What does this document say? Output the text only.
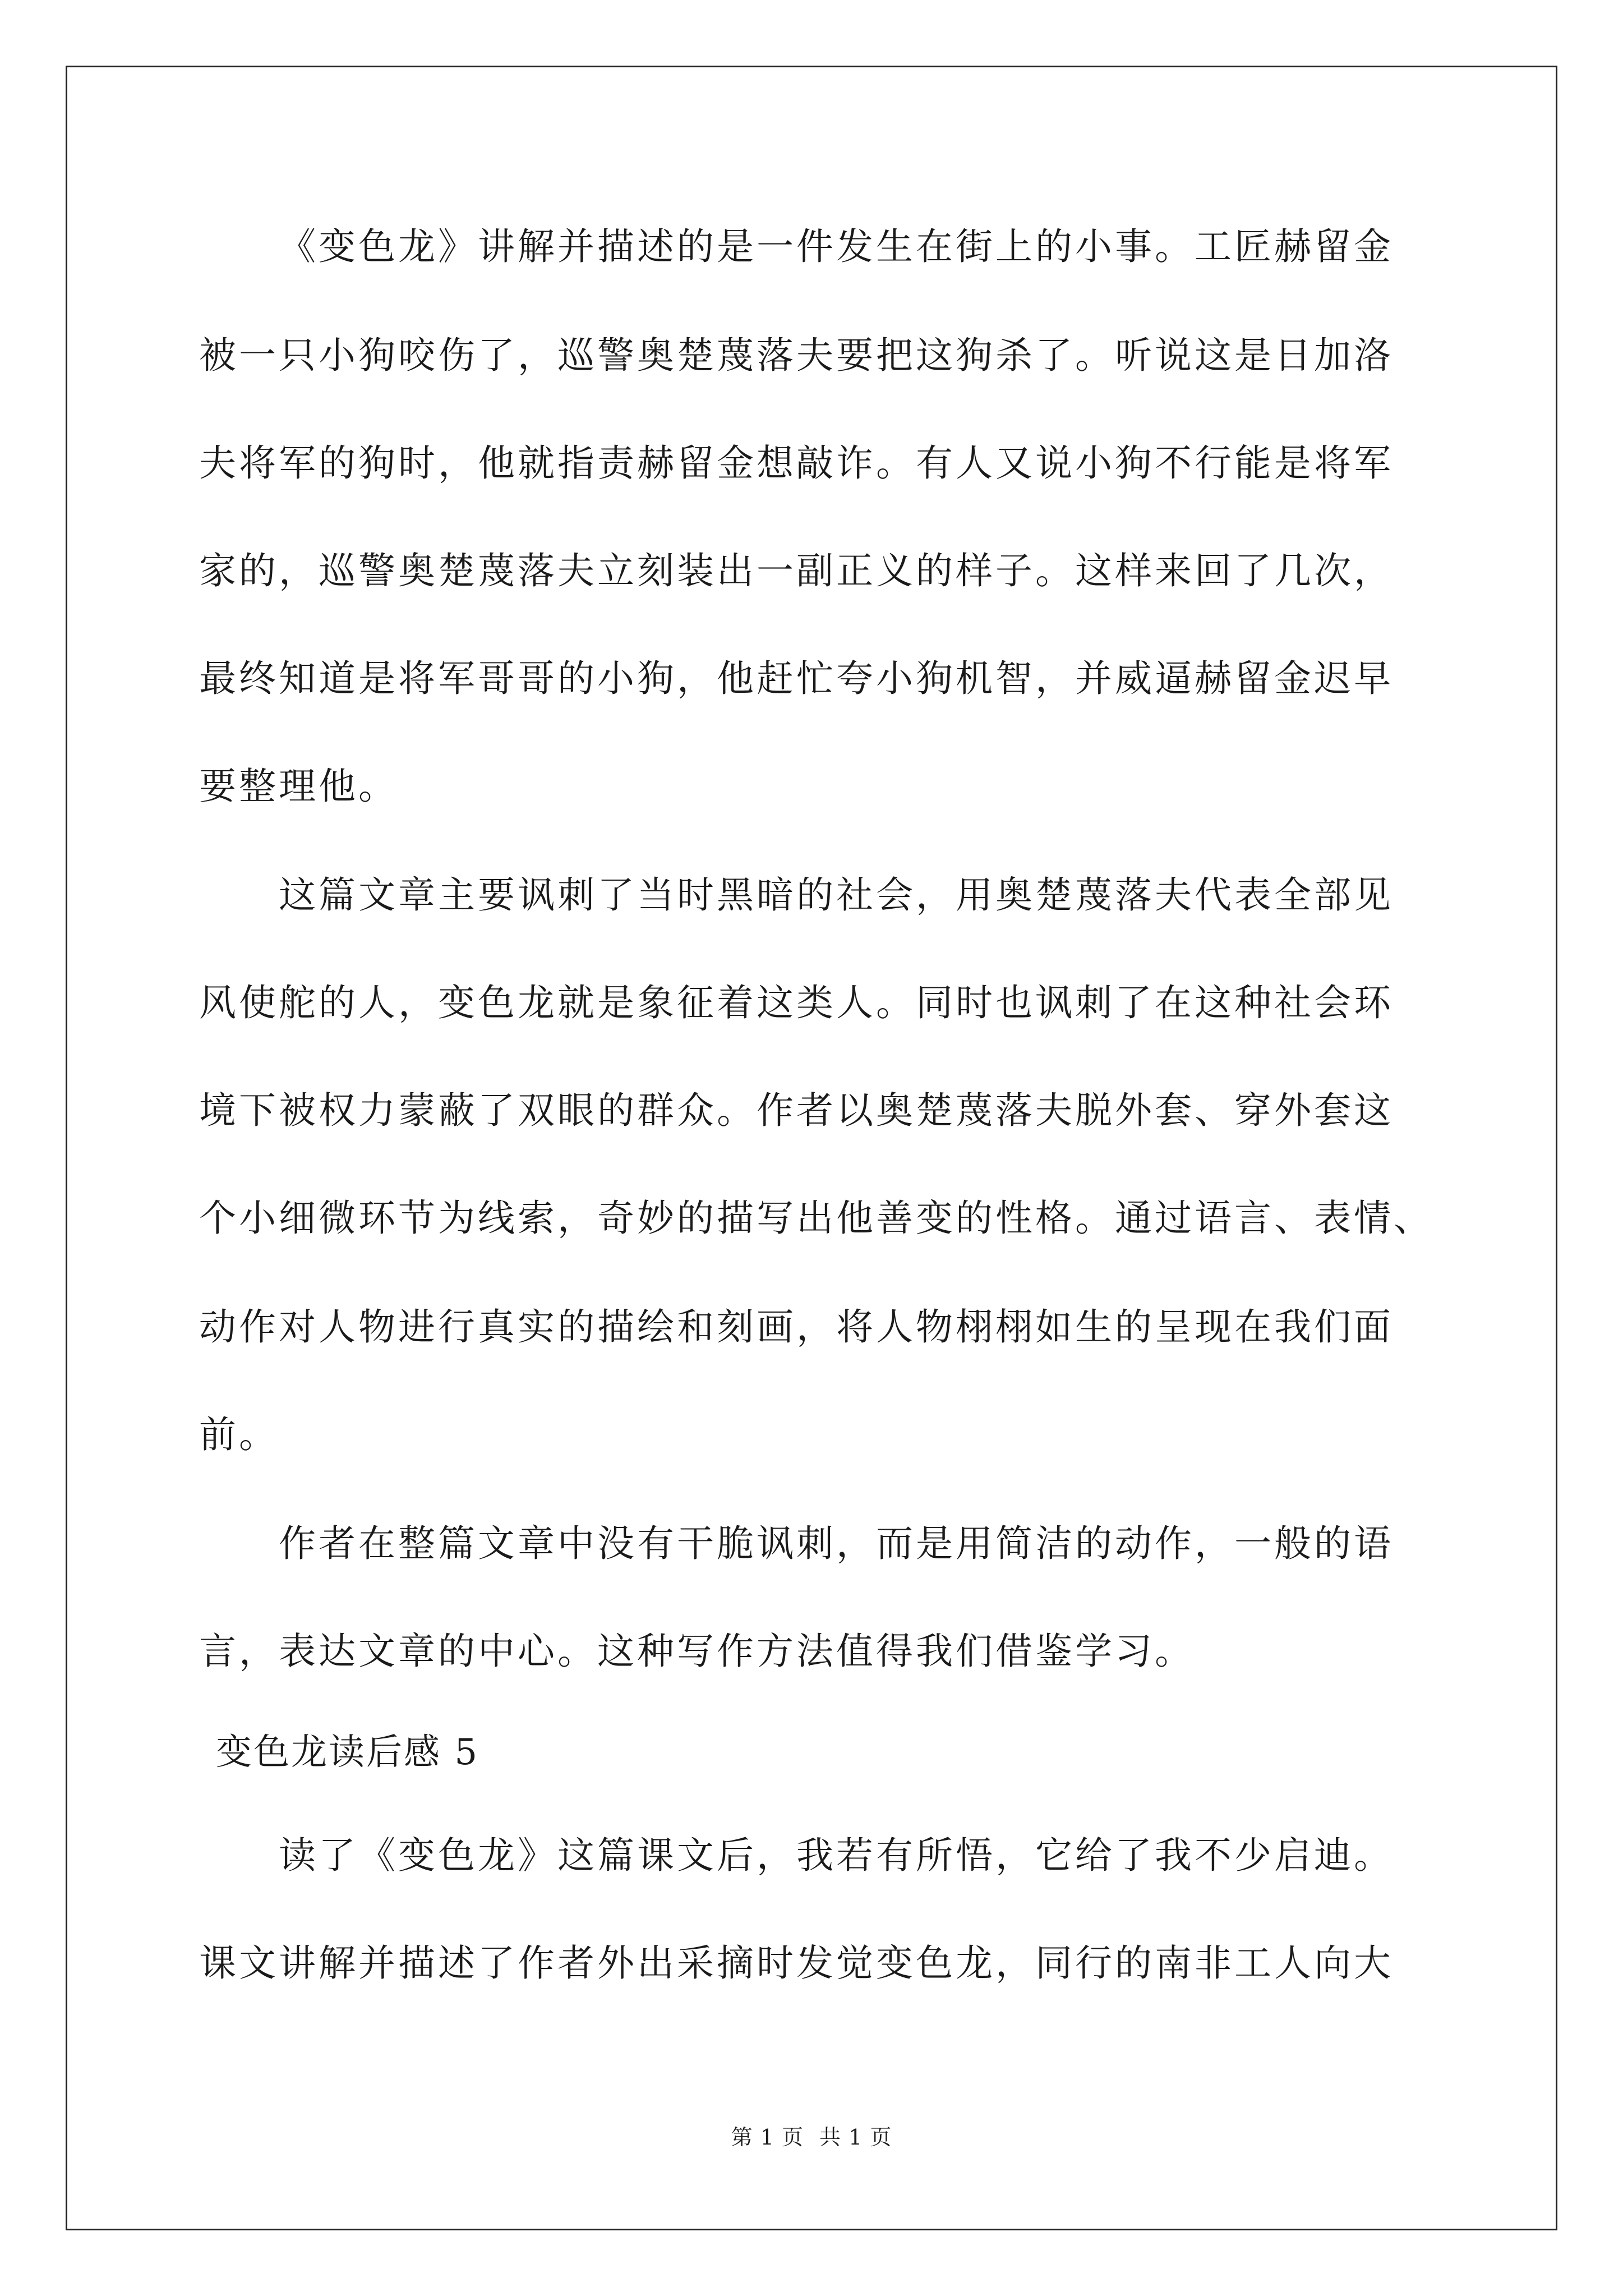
《变色龙》讲解并描述的是一件发生在街上的小事。工匠赫留金
被一只小狗咬伤了，巡警奥楚蔑落夫要把这狗杀了。听说这是日加洛
夫将军的狗时，他就指责赫留金想敲诈。有人又说小狗不行能是将军
家的，巡警奥楚蔑落夫立刻装出一副正义的样子。这样来回了几次，
最终知道是将军哥哥的小狗，他赶忙夸小狗机智，并威逼赫留金迟早
要整理他。
这篇文章主要讽刺了当时黑暗的社会，用奥楚蔑落夫代表全部见
风使舵的人，变色龙就是象征着这类人。同时也讽刺了在这种社会环
境下被权力蒙蔽了双眼的群众。作者以奥楚蔑落夫脱外套、穿外套这
个小细微环节为线索，奇妙的描写出他善变的性格。通过语言、表情、
动作对人物进行真实的描绘和刻画，将人物栩栩如生的呈现在我们面
前。
作者在整篇文章中没有干脆讽刺，而是用简洁的动作，一般的语
言，表达文章的中心。这种写作方法值得我们借鉴学习。
变色龙读后感 5
读了《变色龙》这篇课文后，我若有所悟，它给了我不少启迪。
课文讲解并描述了作者外出采摘时发觉变色龙，同行的南非工人向大
第 1 页 共 1 页
